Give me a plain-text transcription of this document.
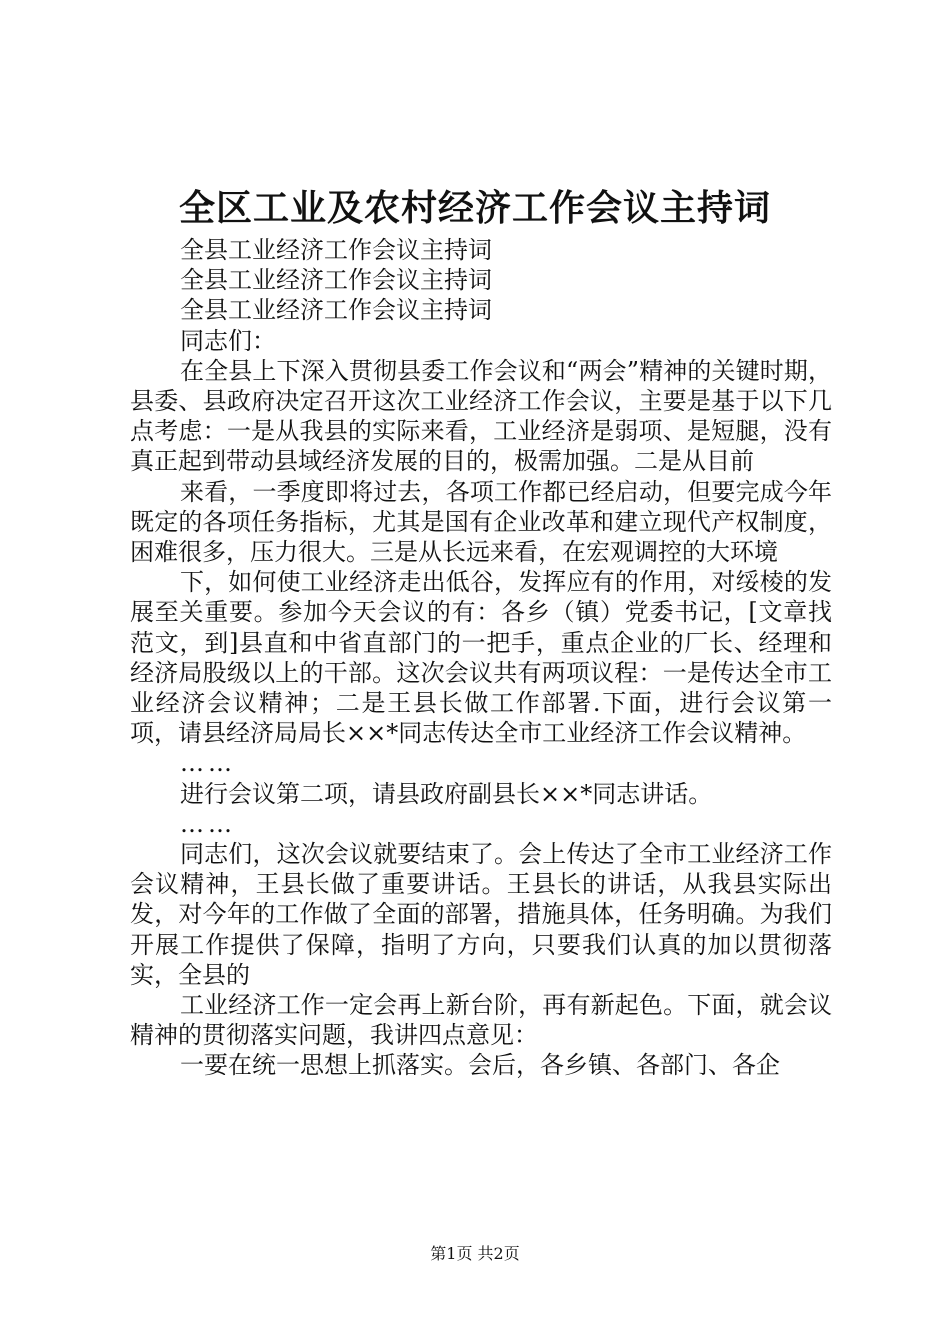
全区工业及农村经济工作会议主持词

全县工业经济工作会议主持词

全县工业经济工作会议主持词

全县工业经济工作会议主持词

同志们：

在全县上下深入贯彻县委工作会议和“两会”精神的关键时期，县委、县政府决定召开这次工业经济工作会议，主要是基于以下几点考虑：一是从我县的实际来看，工业经济是弱项、是短腿，没有真正起到带动县域经济发展的目的，极需加强。二是从目前

来看，一季度即将过去，各项工作都已经启动，但要完成今年既定的各项任务指标，尤其是国有企业改革和建立现代产权制度，困难很多，压力很大。三是从长远来看，在宏观调控的大环境

下，如何使工业经济走出低谷，发挥应有的作用，对绥棱的发展至关重要。参加今天会议的有：各乡（镇）党委书记，[文章找范文，到]县直和中省直部门的一把手，重点企业的厂长、经理和经济局股级以上的干部。这次会议共有两项议程：一是传达全市工业经济会议精神；二是王县长做工作部署.下面，进行会议第一项，请县经济局局长××*同志传达全市工业经济工作会议精神。

……

进行会议第二项，请县政府副县长××*同志讲话。

……

同志们，这次会议就要结束了。会上传达了全市工业经济工作会议精神，王县长做了重要讲话。王县长的讲话，从我县实际出发，对今年的工作做了全面的部署，措施具体，任务明确。为我们开展工作提供了保障，指明了方向，只要我们认真的加以贯彻落实，全县的

工业经济工作一定会再上新台阶，再有新起色。下面，就会议精神的贯彻落实问题，我讲四点意见：

一要在统一思想上抓落实。会后，各乡镇、各部门、各企

第1页 共2页
